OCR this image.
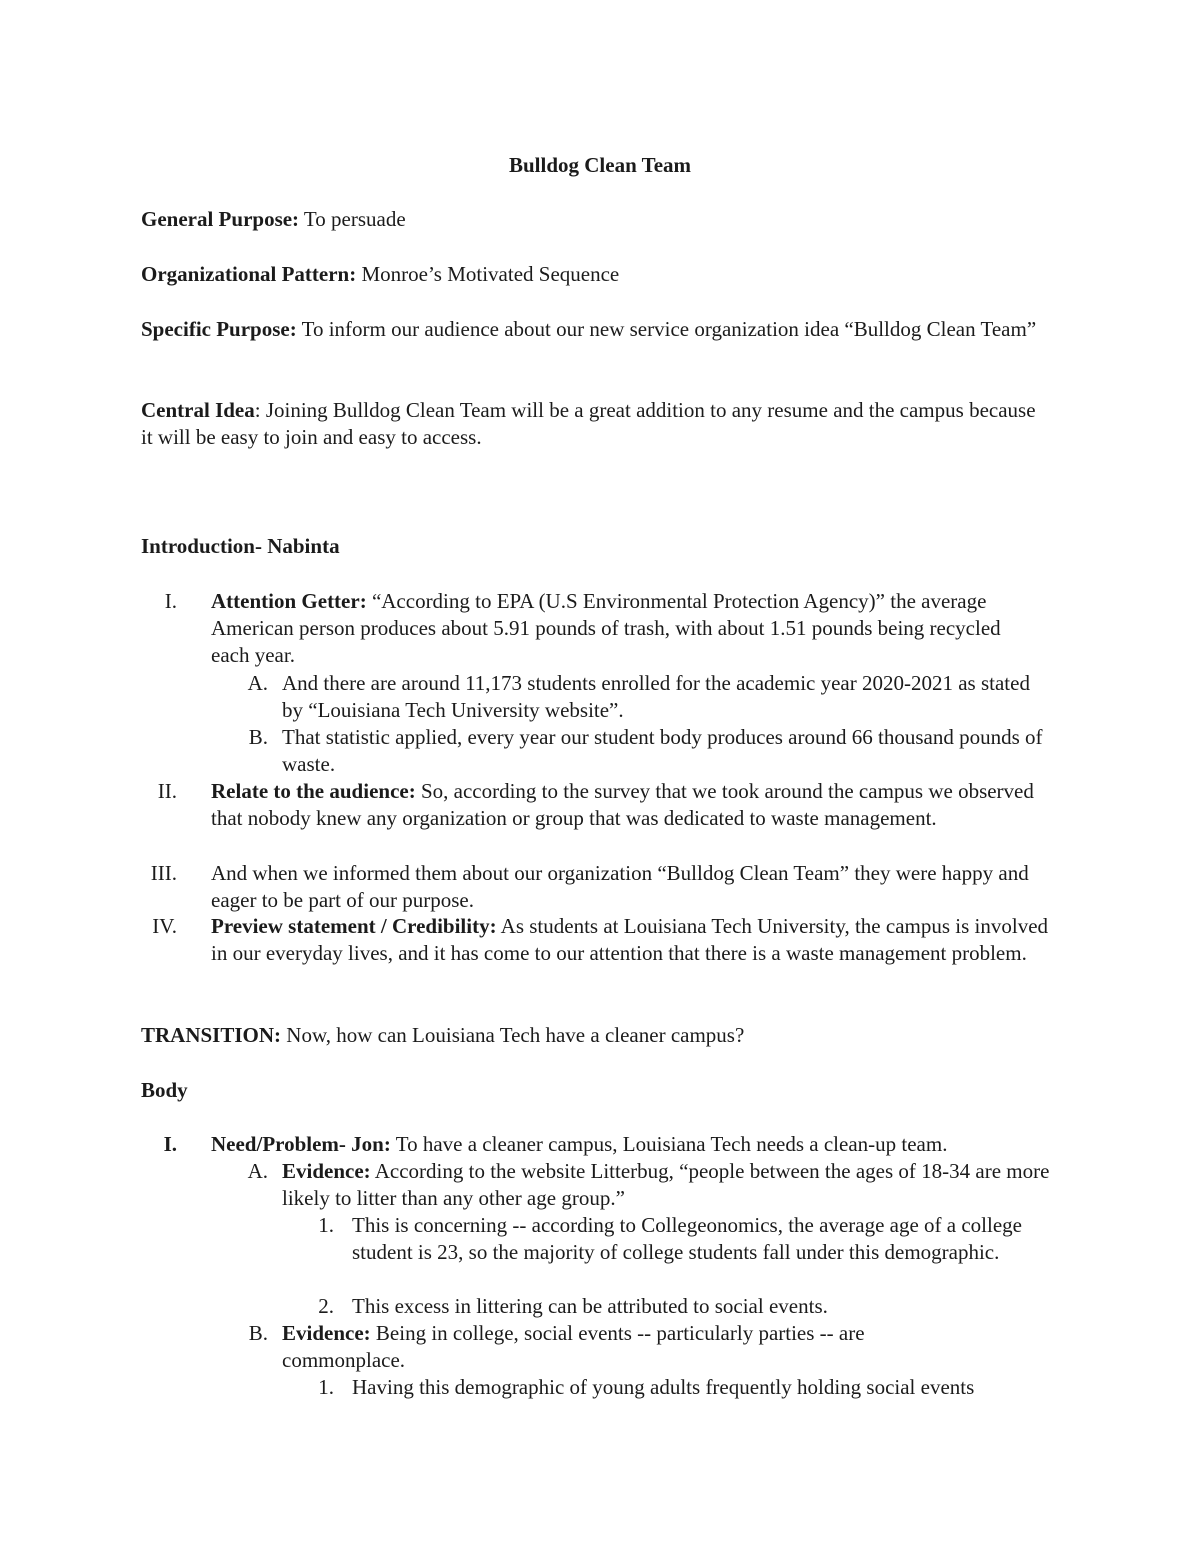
Bulldog Clean Team
General Purpose: To persuade
Organizational Pattern: Monroe’s Motivated Sequence
Specific Purpose: To inform our audience about our new service organization idea “Bulldog Clean Team”
Central Idea: Joining Bulldog Clean Team will be a great addition to any resume and the campus because it will be easy to join and easy to access.
Introduction- Nabinta
I. Attention Getter: “According to EPA (U.S Environmental Protection Agency)” the average American person produces about 5.91 pounds of trash, with about 1.51 pounds being recycled each year.
A. And there are around 11,173 students enrolled for the academic year 2020-2021 as stated by “Louisiana Tech University website”.
B. That statistic applied, every year our student body produces around 66 thousand pounds of waste.
II. Relate to the audience: So, according to the survey that we took around the campus we observed that nobody knew any organization or group that was dedicated to waste management.
III. And when we informed them about our organization “Bulldog Clean Team” they were happy and eager to be part of our purpose.
IV. Preview statement / Credibility: As students at Louisiana Tech University, the campus is involved in our everyday lives, and it has come to our attention that there is a waste management problem.
TRANSITION: Now, how can Louisiana Tech have a cleaner campus?
Body
I. Need/Problem- Jon: To have a cleaner campus, Louisiana Tech needs a clean-up team.
A. Evidence: According to the website Litterbug, “people between the ages of 18-34 are more likely to litter than any other age group.”
1. This is concerning -- according to Collegeonomics, the average age of a college student is 23, so the majority of college students fall under this demographic.
2. This excess in littering can be attributed to social events.
B. Evidence: Being in college, social events -- particularly parties -- are commonplace.
1. Having this demographic of young adults frequently holding social events
